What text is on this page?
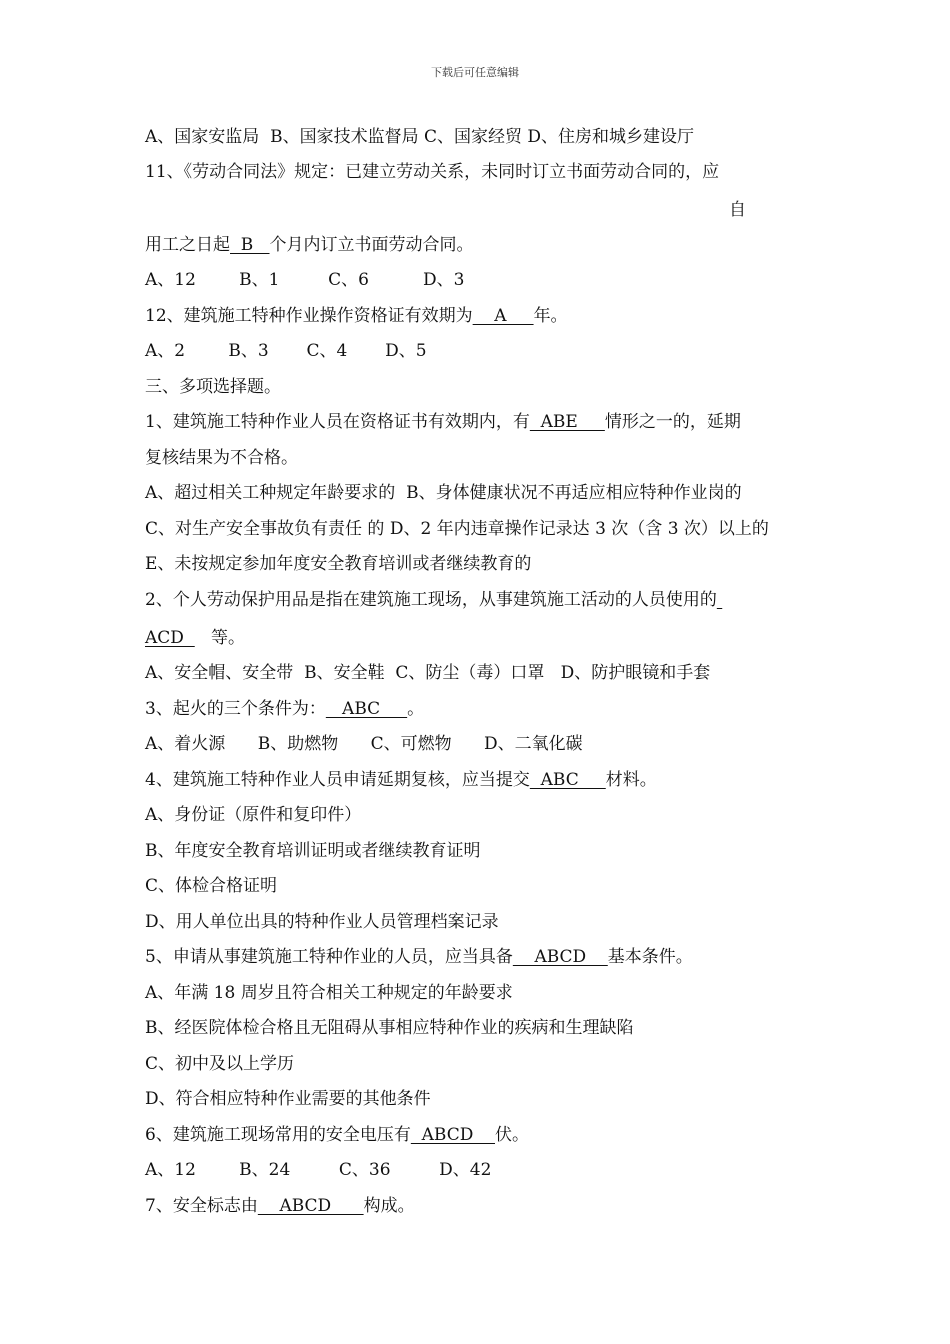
下载后可任意编辑
A、国家安监局  B、国家技术监督局 C、国家经贸 D、住房和城乡建设厅
11、《劳动合同法》规定：已建立劳动关系，未同时订立书面劳动合同的，应
自
用工之日起  B   个月内订立书面劳动合同。
A、12        B、1         C、6          D、3
12、建筑施工特种作业操作资格证有效期为    A     年。
A、2        B、3       C、4       D、5
三、多项选择题。
1、建筑施工特种作业人员在资格证书有效期内，有  ABE     情形之一的，延期
复核结果为不合格。
A、超过相关工种规定年龄要求的  B、身体健康状况不再适应相应特种作业岗的
C、对生产安全事故负有责任 的 D、2 年内违章操作记录达 3 次（含 3 次）以上的
E、未按规定参加年度安全教育培训或者继续教育的
2、个人劳动保护用品是指在建筑施工现场，从事建筑施工活动的人员使用的
ACD     等。
A、安全帽、安全带  B、安全鞋  C、防尘（毒）口罩   D、防护眼镜和手套
3、起火的三个条件为：   ABC     。
A、着火源      B、助燃物      C、可燃物      D、二氧化碳
4、建筑施工特种作业人员申请延期复核，应当提交  ABC     材料。
A、身份证（原件和复印件）
B、年度安全教育培训证明或者继续教育证明
C、体检合格证明
D、用人单位出具的特种作业人员管理档案记录
5、申请从事建筑施工特种作业的人员，应当具备    ABCD    基本条件。
A、年满 18 周岁且符合相关工种规定的年龄要求
B、经医院体检合格且无阻碍从事相应特种作业的疾病和生理缺陷
C、初中及以上学历
D、符合相应特种作业需要的其他条件
6、建筑施工现场常用的安全电压有  ABCD    伏。
A、12        B、24         C、36         D、42
7、安全标志由    ABCD      构成。
